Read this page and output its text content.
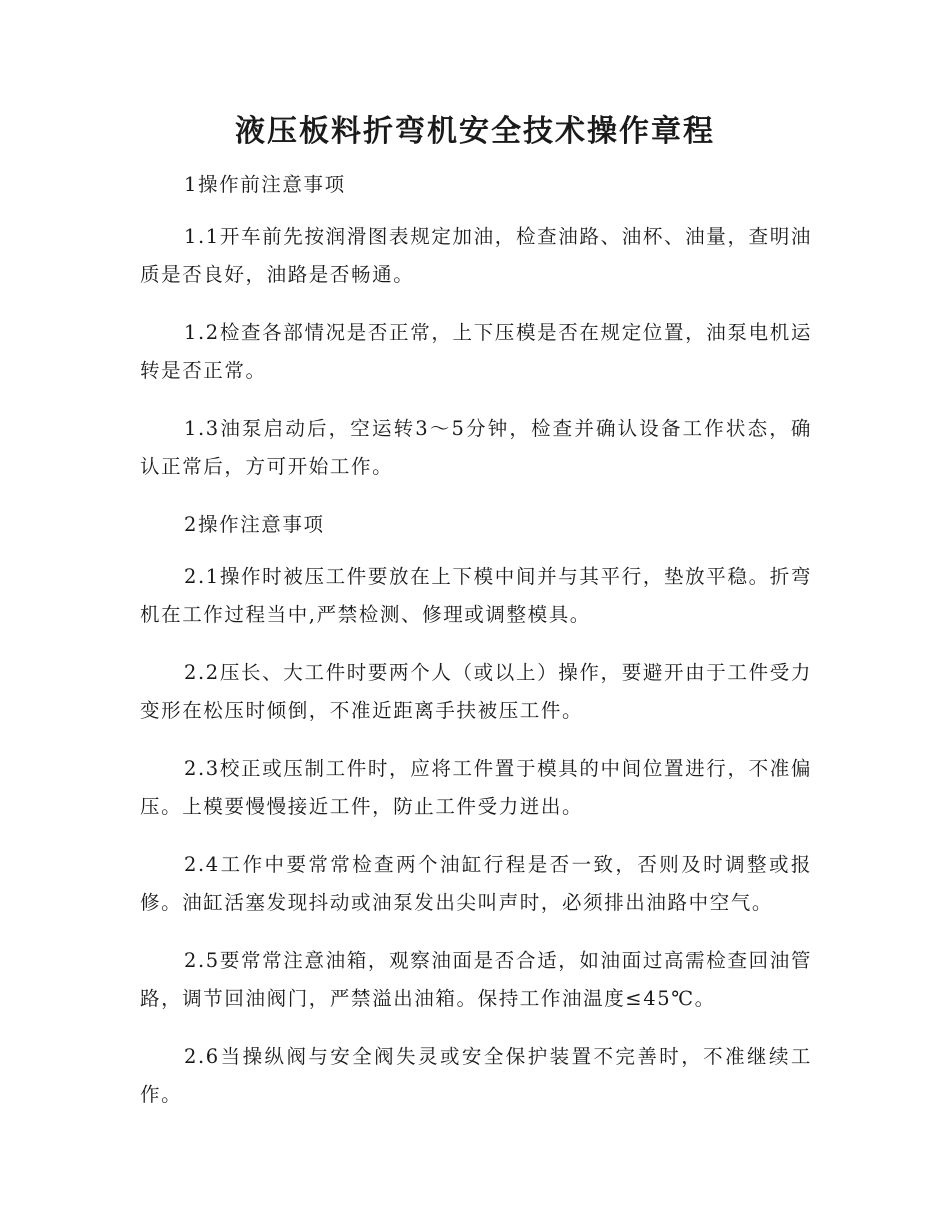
液压板料折弯机安全技术操作章程

1操作前注意事项

1.1开车前先按润滑图表规定加油，检查油路、油杯、油量，查明油质是否良好，油路是否畅通。

1.2检查各部情况是否正常，上下压模是否在规定位置，油泵电机运转是否正常。

1.3油泵启动后，空运转3～5分钟，检查并确认设备工作状态，确认正常后，方可开始工作。

2操作注意事项

2.1操作时被压工件要放在上下模中间并与其平行，垫放平稳。折弯机在工作过程当中,严禁检测、修理或调整模具。

2.2压长、大工件时要两个人（或以上）操作，要避开由于工件受力变形在松压时倾倒，不准近距离手扶被压工件。

2.3校正或压制工件时，应将工件置于模具的中间位置进行，不准偏压。上模要慢慢接近工件，防止工件受力迸出。

2.4工作中要常常检查两个油缸行程是否一致，否则及时调整或报修。油缸活塞发现抖动或油泵发出尖叫声时，必须排出油路中空气。

2.5要常常注意油箱，观察油面是否合适，如油面过高需检查回油管路，调节回油阀门，严禁溢出油箱。保持工作油温度≤45℃。

2.6当操纵阀与安全阀失灵或安全保护装置不完善时，不准继续工作。
